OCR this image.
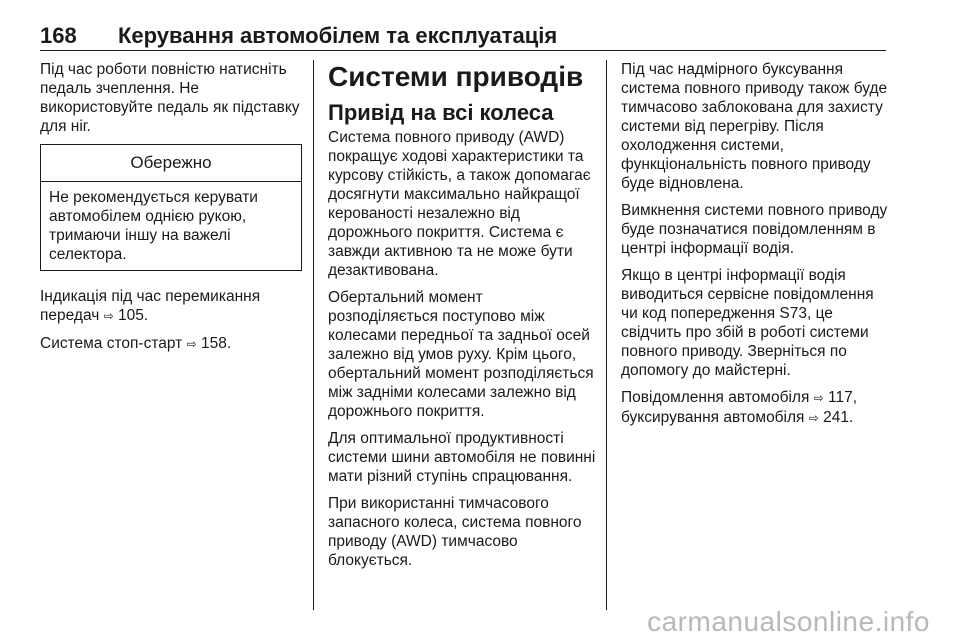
168 Керування автомобілем та експлуатація

Під час роботи повністю натисніть педаль зчеплення. Не використовуйте педаль як підставку для ніг.

Обережно
Не рекомендується керувати автомобілем однією рукою, тримаючи іншу на важелі селектора.

Індикація під час перемикання передач ⇨ 105.

Система стоп-старт ⇨ 158.

Системи приводів
Привід на всі колеса

Система повного приводу (AWD) покращує ходові характеристики та курсову стійкість, а також допомагає досягнути максимально найкращої керованості незалежно від дорожнього покриття. Система є завжди активною та не може бути дезактивована.

Обертальний момент розподіляється поступово між колесами передньої та задньої осей залежно від умов руху. Крім цього, обертальний момент розподіляється між задніми колесами залежно від дорожнього покриття.

Для оптимальної продуктивності системи шини автомобіля не повинні мати різний ступінь спрацювання.

При використанні тимчасового запасного колеса, система повного приводу (AWD) тимчасово блокується.

Під час надмірного буксування система повного приводу також буде тимчасово заблокована для захисту системи від перегріву. Після охолодження системи, функціональність повного приводу буде відновлена.

Вимкнення системи повного приводу буде позначатися повідомленням в центрі інформації водія.

Якщо в центрі інформації водія виводиться сервісне повідомлення чи код попередження S73, це свідчить про збій в роботі системи повного приводу. Зверніться по допомогу до майстерні.

Повідомлення автомобіля ⇨ 117, буксирування автомобіля ⇨ 241.

carmanualsonline.info
